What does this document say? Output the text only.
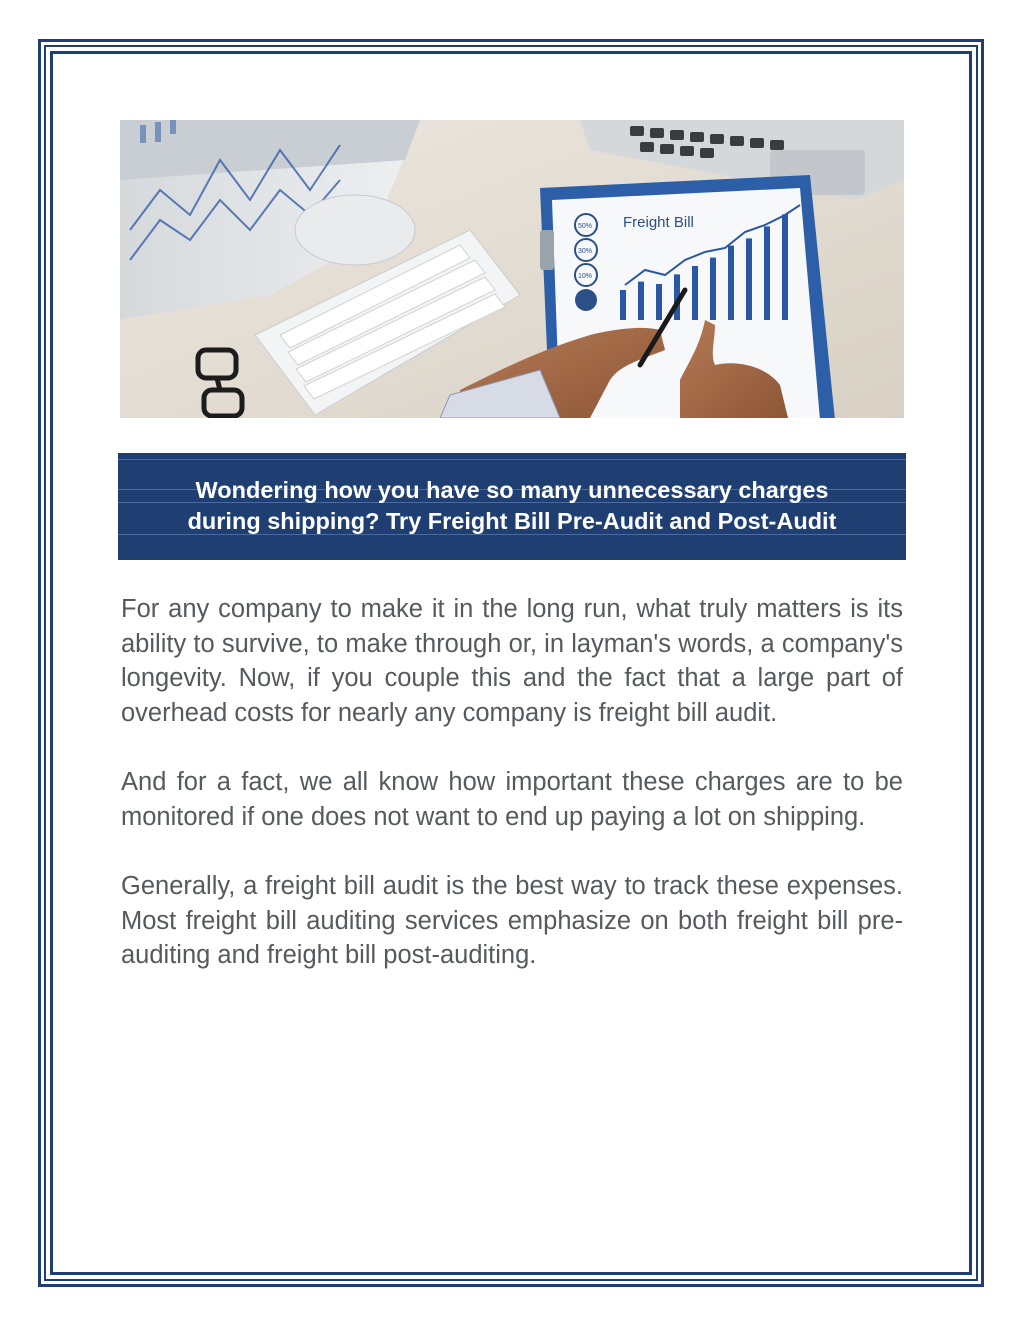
Freight Bill
50%
30%
10%
Wondering how you have so many unnecessary charges
during shipping? Try Freight Bill Pre-Audit and Post-Audit

For any company to make it in the long run, what truly matters is its ability to survive, to make through or, in layman's words, a company's longevity. Now, if you couple this and the fact that a large part of overhead costs for nearly any company is freight bill audit.

And for a fact, we all know how important these charges are to be monitored if one does not want to end up paying a lot on shipping.

Generally, a freight bill audit is the best way to track these expenses. Most freight bill auditing services emphasize on both freight bill pre-auditing and freight bill post-auditing.
